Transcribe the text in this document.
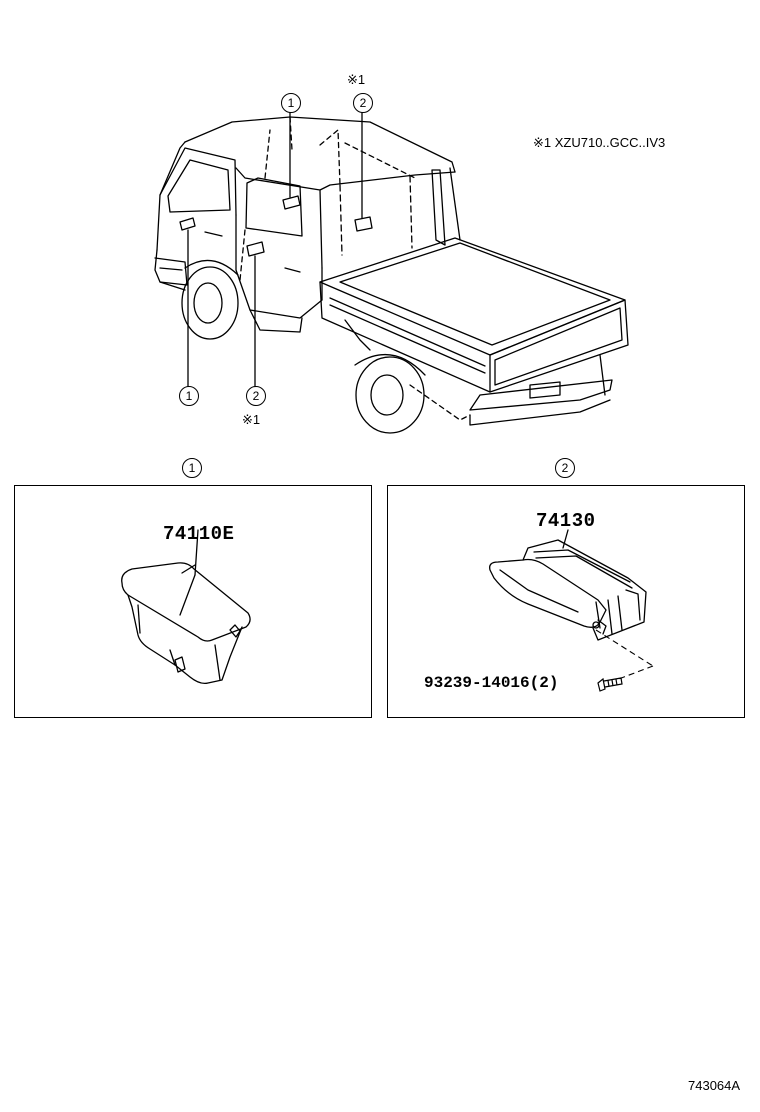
1	2
1	2
※1
※1
※1 XZU710..GCC..IV3
1	2
74110E
74130
93239-14016(2)
743064A
